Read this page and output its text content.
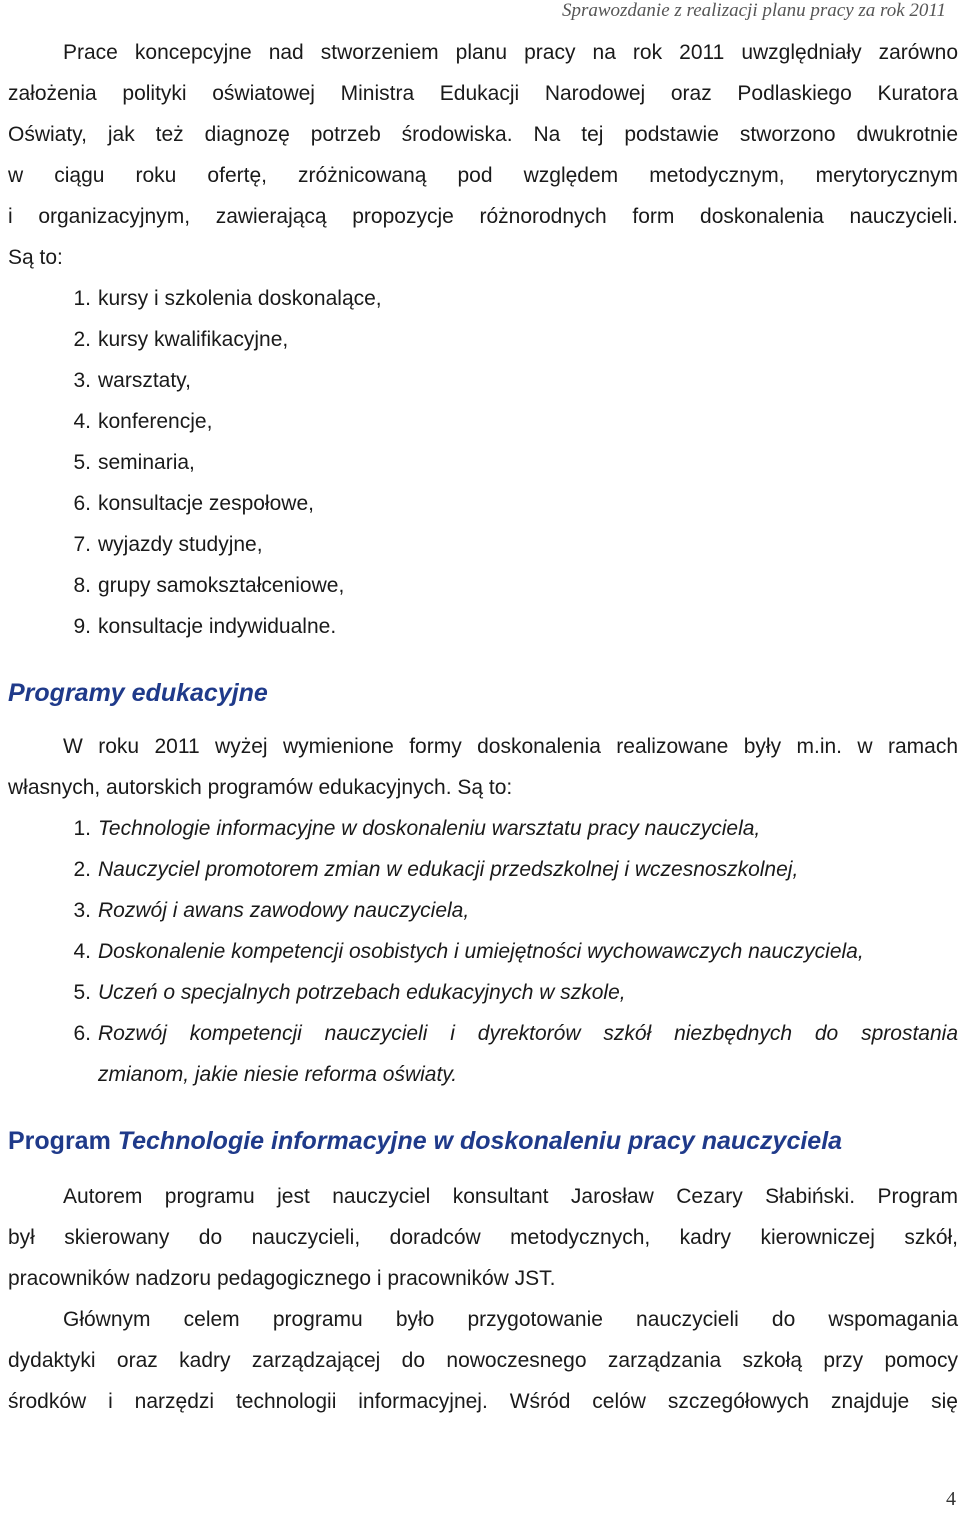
Sprawozdanie z realizacji planu pracy za rok 2011
Prace koncepcyjne nad stworzeniem planu pracy na rok 2011 uwzględniały zarówno
założenia polityki oświatowej Ministra Edukacji Narodowej oraz Podlaskiego Kuratora
Oświaty, jak też diagnozę potrzeb środowiska. Na tej podstawie stworzono dwukrotnie
w ciągu roku ofertę, zróżnicowaną pod względem metodycznym, merytorycznym
i organizacyjnym, zawierającą propozycje różnorodnych form doskonalenia nauczycieli.
Są to:
1. kursy i szkolenia doskonalące,
2. kursy kwalifikacyjne,
3. warsztaty,
4. konferencje,
5. seminaria,
6. konsultacje zespołowe,
7. wyjazdy studyjne,
8. grupy samokształceniowe,
9. konsultacje indywidualne.
Programy edukacyjne
W roku 2011 wyżej wymienione formy doskonalenia realizowane były m.in. w ramach
własnych, autorskich programów edukacyjnych. Są to:
1. Technologie informacyjne w doskonaleniu warsztatu pracy nauczyciela,
2. Nauczyciel promotorem zmian w edukacji przedszkolnej i wczesnoszkolnej,
3. Rozwój i awans zawodowy nauczyciela,
4. Doskonalenie kompetencji osobistych i umiejętności wychowawczych nauczyciela,
5. Uczeń o specjalnych potrzebach edukacyjnych w szkole,
6. Rozwój kompetencji nauczycieli i dyrektorów szkół niezbędnych do sprostania
zmianom, jakie niesie reforma oświaty.
Program Technologie informacyjne w doskonaleniu pracy nauczyciela
Autorem programu jest nauczyciel konsultant Jarosław Cezary Słabiński. Program
był skierowany do nauczycieli, doradców metodycznych, kadry kierowniczej szkół,
pracowników nadzoru pedagogicznego i pracowników JST.
Głównym celem programu było przygotowanie nauczycieli do wspomagania
dydaktyki oraz kadry zarządzającej do nowoczesnego zarządzania szkołą przy pomocy
środków i narzędzi technologii informacyjnej. Wśród celów szczegółowych znajduje się
4
